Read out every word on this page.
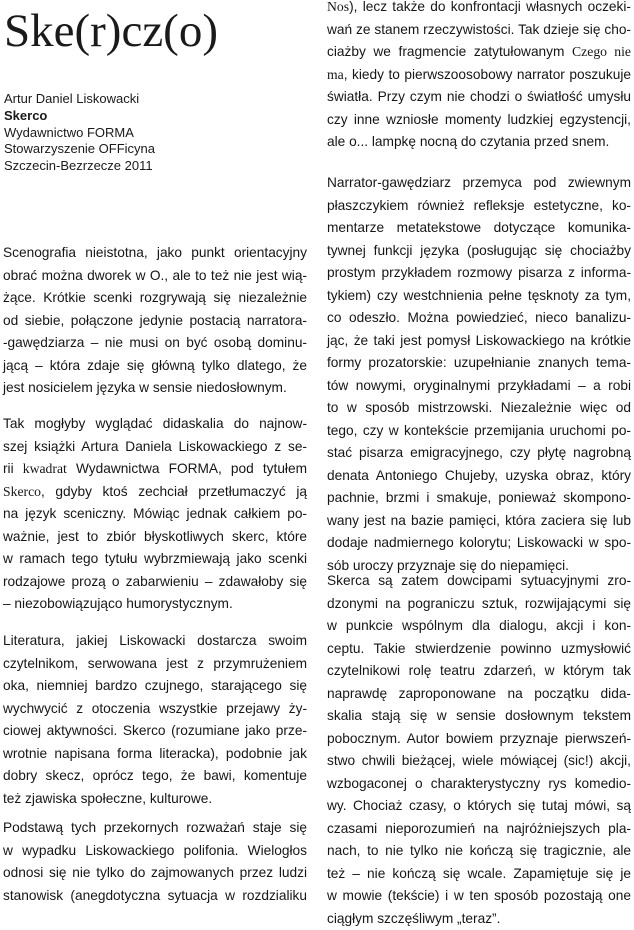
Ske(r)cz(o)
Artur Daniel Liskowacki
Skerco
Wydawnictwo FORMA
Stowarzyszenie OFFicyna
Szczecin-Bezrzecze 2011
Scenografia nieistotna, jako punkt orientacyjny
obrać można dworek w O., ale to też nie jest wią-
żące. Krótkie scenki rozgrywają się niezależnie
od siebie, połączone jedynie postacią narratora-
-gawędziarza – nie musi on być osobą dominu-
jącą – która zdaje się główną tylko dlatego, że
jest nosicielem języka w sensie niedosłownym.
Tak mogłyby wyglądać didaskalia do najnow-
szej książki Artura Daniela Liskowackiego z se-
rii kwadrat Wydawnictwa FORMA, pod tytułem
Skerco, gdyby ktoś zechciał przetłumaczyć ją
na język sceniczny. Mówiąc jednak całkiem po-
ważnie, jest to zbiór błyskotliwych skerc, które
w ramach tego tytułu wybrzmiewają jako scenki
rodzajowe prozą o zabarwieniu – zdawałoby się
– niezobowiązująco humorystycznym.
Literatura, jakiej Liskowacki dostarcza swoim
czytelnikom, serwowana jest z przymrużeniem
oka, niemniej bardzo czujnego, starającego się
wychwycić z otoczenia wszystkie przejawy ży-
ciowej aktywności. Skerco (rozumiane jako prze-
wrotnie napisana forma literacka), podobnie jak
dobry skecz, oprócz tego, że bawi, komentuje
też zjawiska społeczne, kulturowe.
Podstawą tych przekornych rozważań staje się
w wypadku Liskowackiego polifonia. Wielogłos
odnosi się nie tylko do zajmowanych przez ludzi
stanowisk (anegdotyczna sytuacja w rozdzialiku
Nos), lecz także do konfrontacji własnych oczeki-
wań ze stanem rzeczywistości. Tak dzieje się cho-
ciażby we fragmencie zatytułowanym Czego nie
ma, kiedy to pierwszoosobowy narrator poszukuje
światła. Przy czym nie chodzi o światłość umysłu
czy inne wzniosłe momenty ludzkiej egzystencji,
ale o... lampkę nocną do czytania przed snem.
Narrator-gawędziarz przemyca pod zwiewnym
płaszczykiem również refleksje estetyczne, ko-
mentarze metatekstowe dotyczące komunika-
tywnej funkcji języka (posługując się chociażby
prostym przykładem rozmowy pisarza z informa-
tykiem) czy westchnienia pełne tęsknoty za tym,
co odeszło. Można powiedzieć, nieco banalizu-
jąc, że taki jest pomysł Liskowackiego na krótkie
formy prozatorskie: uzupełnianie znanych tema-
tów nowymi, oryginalnymi przykładami – a robi
to w sposób mistrzowski. Niezależnie więc od
tego, czy w kontekście przemijania uruchomi po-
stać pisarza emigracyjnego, czy płytę nagrobną
denata Antoniego Chujeby, uzyska obraz, który
pachnie, brzmi i smakuje, ponieważ skompono-
wany jest na bazie pamięci, która zaciera się lub
dodaje nadmiernego kolorytu; Liskowacki w spo-
sób uroczy przyznaje się do niepamięci.
Skerca są zatem dowcipami sytuacyjnymi zro-
dzonymi na pograniczu sztuk, rozwijającymi się
w punkcie wspólnym dla dialogu, akcji i kon-
ceptu. Takie stwierdzenie powinno uzmysłowić
czytelnikowi rolę teatru zdarzeń, w którym tak
naprawdę zaproponowane na początku dida-
skalia stają się w sensie dosłownym tekstem
pobocznym. Autor bowiem przyznaje pierwszeń-
stwo chwili bieżącej, wiele mówiącej (sic!) akcji,
wzbogaconej o charakterystyczny rys komedio-
wy. Chociaż czasy, o których się tutaj mówi, są
czasami nieporozumień na najróżniejszych pla-
nach, to nie tylko nie kończą się tragicznie, ale
też – nie kończą się wcale. Zapamiętuje się je
w mowie (tekście) i w ten sposób pozostają one
ciągłym szczęśliwym „teraz”.
